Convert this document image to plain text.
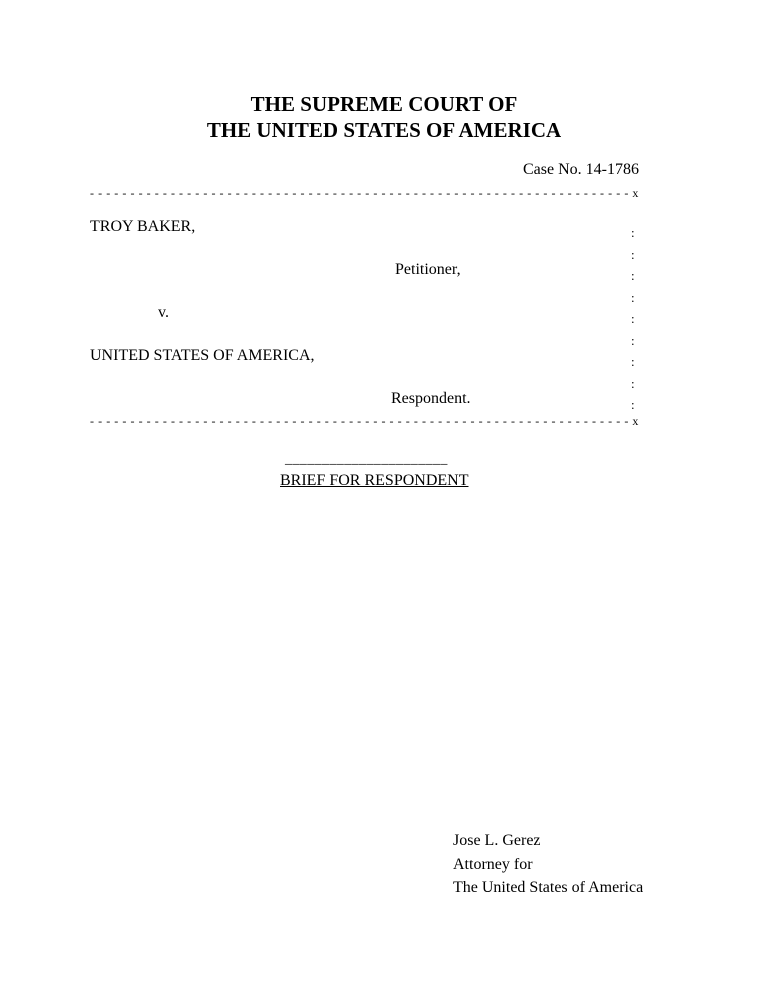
THE SUPREME COURT OF
THE UNITED STATES OF AMERICA
Case No. 14-1786
- - - - - - - - - - - - - - - - - - - - - - - - - - - - - - - - - - - - - - - - - - - - - - - - - - - - - - - - - - - - - - - - - - - x
TROY BAKER,
Petitioner,
v.
UNITED STATES OF AMERICA,
Respondent.
:
:
:
:
:
:
:
:
:
- - - - - - - - - - - - - - - - - - - - - - - - - - - - - - - - - - - - - - - - - - - - - - - - - - - - - - - - - - - - - - - - - - - x
______________________
BRIEF FOR RESPONDENT
Jose L. Gerez
Attorney for
The United States of America
